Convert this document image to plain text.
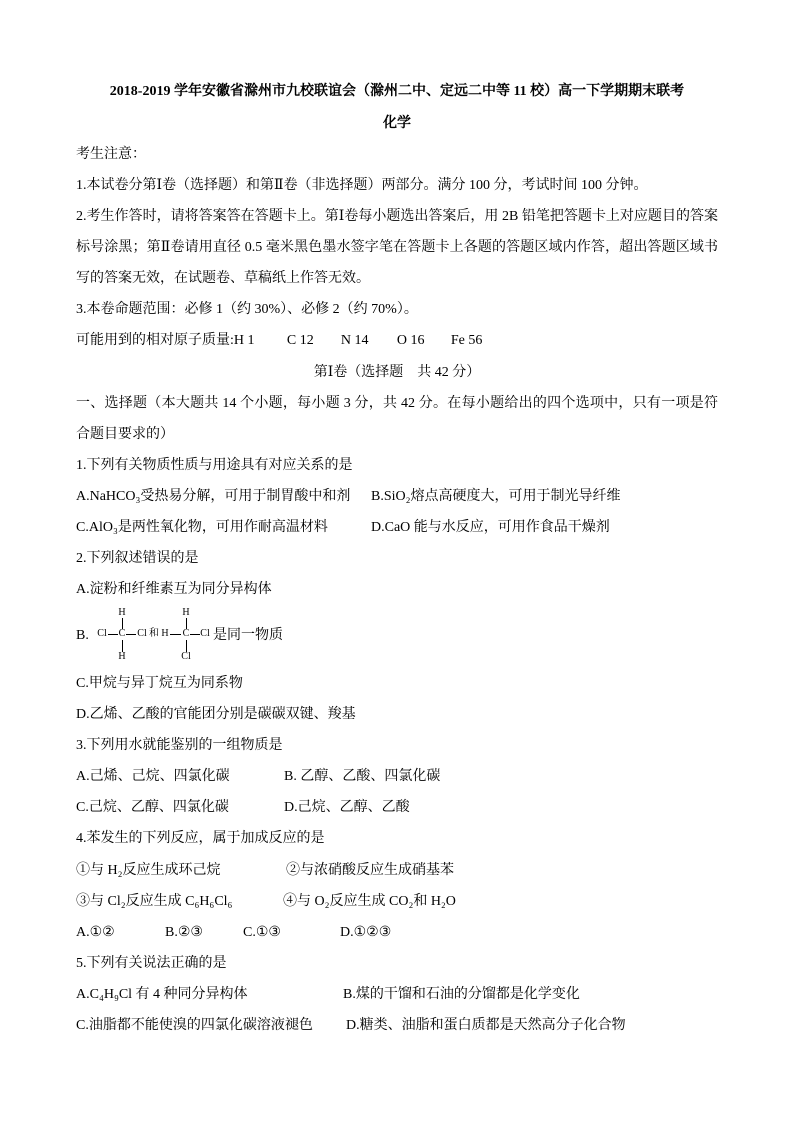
2018-2019 学年安徽省滁州市九校联谊会（滁州二中、定远二中等 11 校）高一下学期期末联考
化学
考生注意：
1.本试卷分第Ⅰ卷（选择题）和第Ⅱ卷（非选择题）两部分。满分 100 分，考试时间 100 分钟。
2.考生作答时，请将答案答在答题卡上。第Ⅰ卷每小题选出答案后，用 2B 铅笔把答题卡上对应题目的答案标号涂黑；第Ⅱ卷请用直径 0.5 毫米黑色墨水签字笔在答题卡上各题的答题区域内作答，超出答题区域书写的答案无效，在试题卷、草稿纸上作答无效。
3.本卷命题范围：必修 1（约 30%）、必修 2（约 70%）。
可能用到的相对原子质量:H 1 C 12 N 14 O 16 Fe 56
第Ⅰ卷（选择题　共 42 分）
一、选择题（本大题共 14 个小题，每小题 3 分，共 42 分。在每小题给出的四个选项中，只有一项是符合题目要求的）
1.下列有关物质性质与用途具有对应关系的是
A.NaHCO₃受热易分解，可用于制胃酸中和剂 B.SiO₂熔点高硬度大，可用于制光导纤维
C.AlO₃是两性氧化物，可用作耐高温材料	D.CaO 能与水反应，可用作食品干燥剂
2.下列叙述错误的是
A.淀粉和纤维素互为同分异构体
B.
H
Cl C Cl
H
和
H
H C Cl
Cl
是同一物质
C.甲烷与异丁烷互为同系物
D.乙烯、乙酸的官能团分别是碳碳双键、羧基
3.下列用水就能鉴别的一组物质是
A.己烯、己烷、四氯化碳	B. 乙醇、乙酸、四氯化碳
C.己烷、乙醇、四氯化碳	D.己烷、乙醇、乙酸
4.苯发生的下列反应，属于加成反应的是
①与 H₂反应生成环己烷	②与浓硝酸反应生成硝基苯
③与 Cl₂反应生成 C₆H₆Cl₆	④与 O₂反应生成 CO₂和 H₂O
A.①②	B.②③	C.①③	D.①②③
5.下列有关说法正确的是
A.C₄H₉Cl 有 4 种同分异构体	B.煤的干馏和石油的分馏都是化学变化
C.油脂都不能使溴的四氯化碳溶液褪色 D.糖类、油脂和蛋白质都是天然高分子化合物
